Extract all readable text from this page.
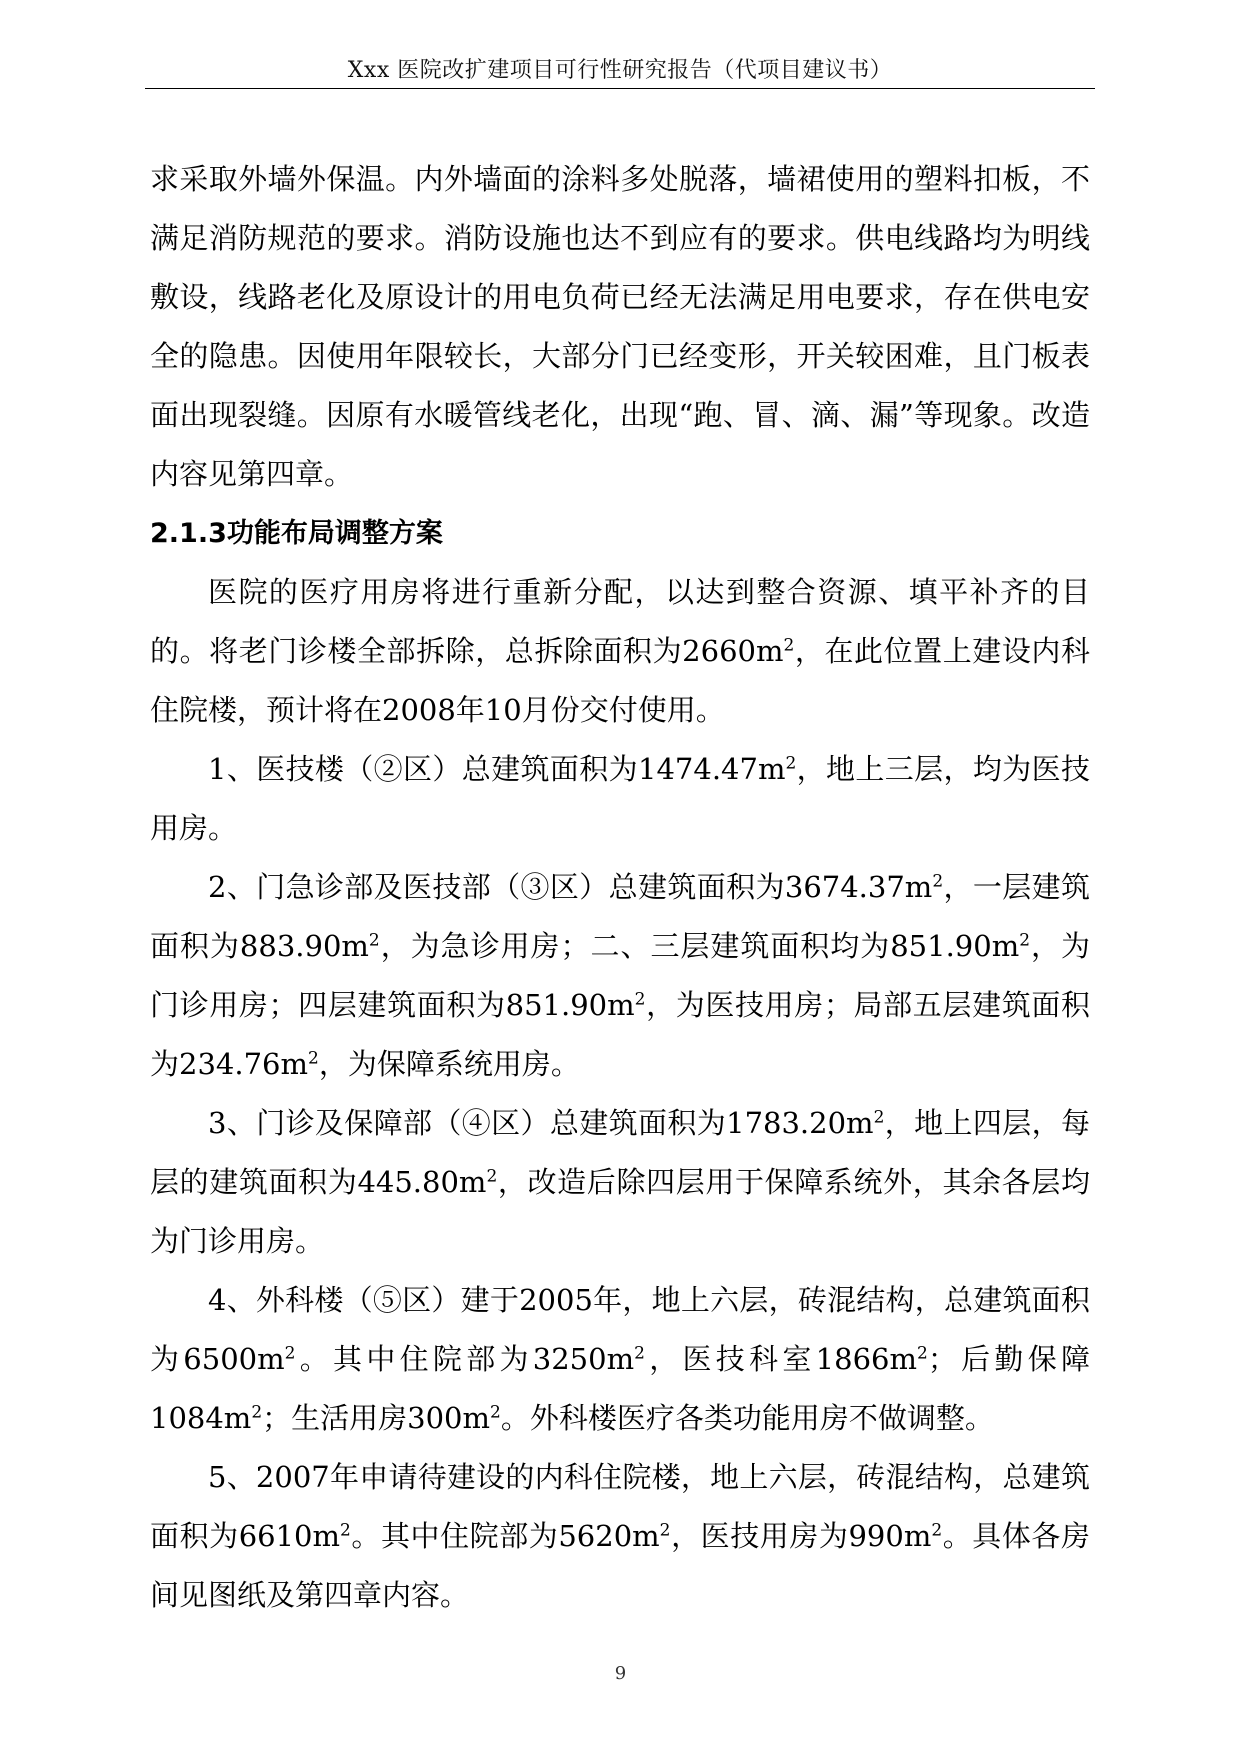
Xxx 医院改扩建项目可行性研究报告（代项目建议书）

求采取外墙外保温。内外墙面的涂料多处脱落，墙裙使用的塑料扣板，不满足消防规范的要求。消防设施也达不到应有的要求。供电线路均为明线敷设，线路老化及原设计的用电负荷已经无法满足用电要求，存在供电安全的隐患。因使用年限较长，大部分门已经变形，开关较困难，且门板表面出现裂缝。因原有水暖管线老化，出现“跑、冒、滴、漏”等现象。改造内容见第四章。

2.1.3功能布局调整方案

医院的医疗用房将进行重新分配，以达到整合资源、填平补齐的目的。将老门诊楼全部拆除，总拆除面积为$2660m^2$，在此位置上建设内科住院楼，预计将在2008年10月份交付使用。

1、医技楼（②区）总建筑面积为$1474.47m^2$，地上三层，均为医技用房。

2、门急诊部及医技部（③区）总建筑面积为$3674.37m^2$，一层建筑面积为$883.90m^2$，为急诊用房；二、三层建筑面积均为$851.90m^2$，为门诊用房；四层建筑面积为$851.90m^2$，为医技用房；局部五层建筑面积为$234.76m^2$，为保障系统用房。

3、门诊及保障部（④区）总建筑面积为$1783.20m^2$，地上四层，每层的建筑面积为$445.80m^2$，改造后除四层用于保障系统外，其余各层均为门诊用房。

4、外科楼（⑤区）建于2005年，地上六层，砖混结构，总建筑面积为$6500m^2$。其中住院部为$3250m^2$，医技科室$1866m^2$；后勤保障$1084m^2$；生活用房$300m^2$。外科楼医疗各类功能用房不做调整。

5、2007年申请待建设的内科住院楼，地上六层，砖混结构，总建筑面积为$6610m^2$。其中住院部为$5620m^2$，医技用房为$990m^2$。具体各房间见图纸及第四章内容。

9
